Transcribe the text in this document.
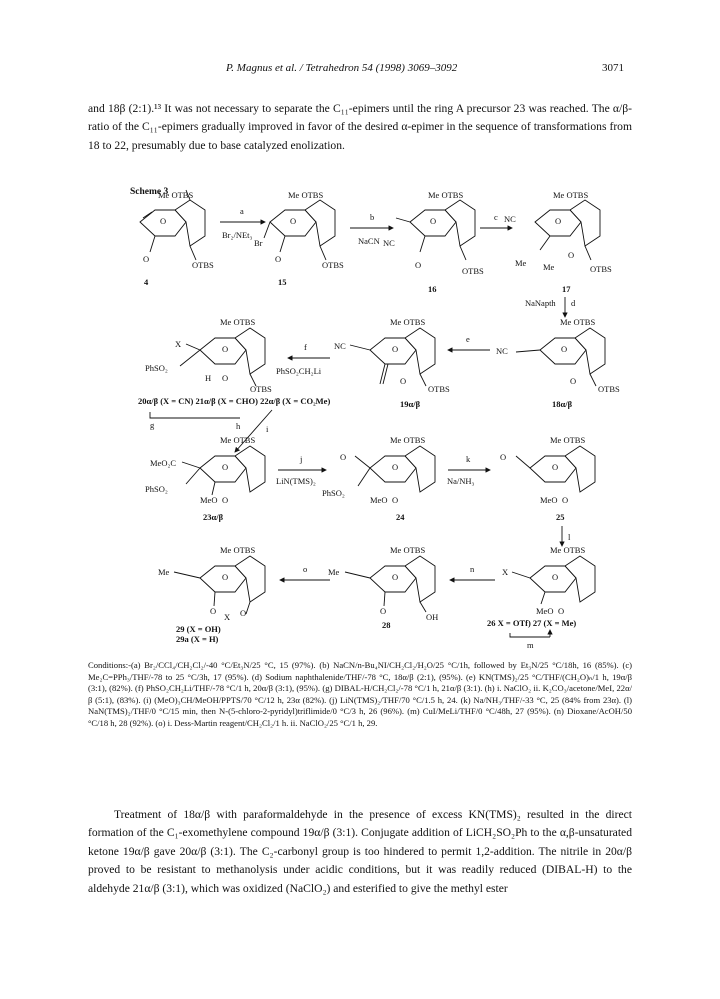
P. Magnus et al. / Tetrahedron 54 (1998) 3069–3092	3071

and 18β (2:1).¹³ It was not necessary to separate the C₁₁-epimers until the ring A precursor 23 was reached. The α/β-ratio of the C₁₁-epimers gradually improved in favor of the desired α-epimer in the sequence of transformations from 18 to 22, presumably due to base catalyzed enolization.

Scheme 3
Me OTBS
O
O
OTBS
4
a
Br₂/NEt₃
Me OTBS
O
Br
O
OTBS
15
b
NaCN NC
Me OTBS
O
O
OTBS
16
c NC
Me OTBS
O
Me Me
O
OTBS
17
NaNapth d
NC
Me OTBS
O
O
OTBS
18α/β
e
NC
Me OTBS
O
O
OTBS
19α/β
f
PhSO₂CH₂Li
X
PhSO₂
Me OTBS
O
H O
OTBS
20α/β (X = CN) 21α/β (X = CHO) 22α/β (X = CO₂Me)
g	h	i
MeO₂C
PhSO₂
Me OTBS
O
MeO O
23α/β
j
LiN(TMS)₂
O
PhSO₂
Me OTBS
O
MeO O
24
k
Na/NH₃
O
Me OTBS
O
MeO O
25
l
Me
Me OTBS
O
O
X O
29 (X = OH)
29a (X = H)
o Me
Me OTBS
O
O
OH
28
n	X
Me OTBS
O
MeO O
26 X = OTf) 27 (X = Me)
m

Conditions:-(a) Br₂/CCl₄/CH₂Cl₂/-40 °C/Et₃N/25 °C, 15 (97%). (b) NaCN/n-Bu₄NI/CH₂Cl₂/H₂O/25 °C/1h, followed by Et₃N/25 °C/18h, 16 (85%). (c) Me₂C=PPh₃/THF/-78 to 25 °C/3h, 17 (95%). (d) Sodium naphthalenide/THF/-78 °C, 18α/β (2:1), (95%). (e) KN(TMS)₂/25 °C/THF/(CH₂O)ₙ/1 h, 19α/β (3:1), (82%). (f) PhSO₂CH₂Li/THF/-78 °C/1 h, 20α/β (3:1), (95%). (g) DIBAL-H/CH₂Cl₂/-78 °C/1 h, 21α/β (3:1). (h) i. NaClO₂ ii. K₂CO₃/acetone/MeI, 22α/β (5:1), (83%). (i) (MeO)₃CH/MeOH/PPTS/70 °C/12 h, 23α (82%). (j) LiN(TMS)₂/THF/70 °C/1.5 h, 24. (k) Na/NH₃/THF/-33 °C, 25 (84% from 23α). (l) NaN(TMS)₂/THF/0 °C/15 min, then N-(5-chloro-2-pyridyl)triflimide/0 °C/3 h, 26 (96%). (m) CuI/MeLi/THF/0 °C/48h, 27 (95%). (n) Dioxane/AcOH/50 °C/18 h, 28 (92%). (o) i. Dess-Martin reagent/CH₂Cl₂/1 h. ii. NaClO₂/25 °C/1 h, 29.

Treatment of 18α/β with paraformaldehyde in the presence of excess KN(TMS)₂ resulted in the direct formation of the C₁-exomethylene compound 19α/β (3:1). Conjugate addition of LiCH₂SO₂Ph to the α,β-unsaturated ketone 19α/β gave 20α/β (3:1). The C₂-carbonyl group is too hindered to permit 1,2-addition. The nitrile in 20α/β proved to be resistant to methanolysis under acidic conditions, but it was readily reduced (DIBAL-H) to the aldehyde 21α/β (3:1), which was oxidized (NaClO₂) and esterified to give the methyl ester
